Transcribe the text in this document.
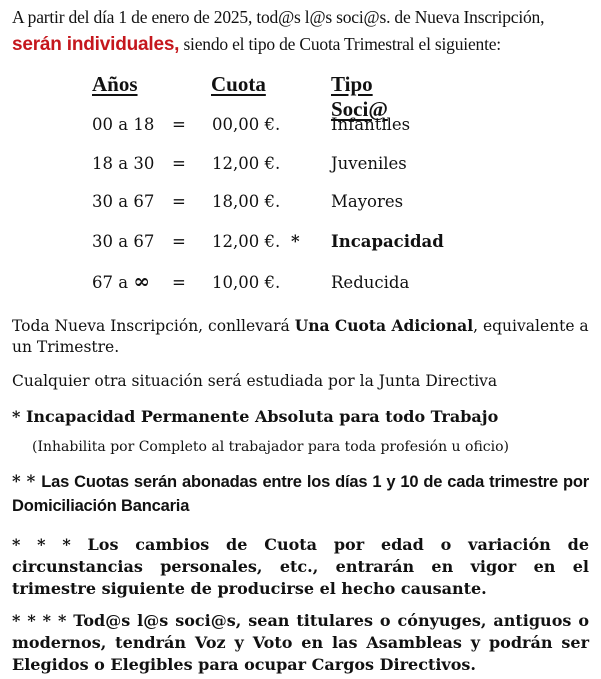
A partir del día 1 de enero de 2025, tod@s l@s soci@s. de Nueva Inscripción,
serán individuales, siendo el tipo de Cuota Trimestral el siguiente:
Años	Cuota	Tipo Soci@
00 a 18 = 00,00 €.	Infantiles
18 a 30 = 12,00 €.	Juveniles
30 a 67 = 18,00 €.	Mayores
30 a 67 = 12,00 €. * Incapacidad
67 a ∞ = 10,00 €.	Reducida
Toda Nueva Inscripción, conllevará Una Cuota Adicional, equivalente a un Trimestre.
Cualquier otra situación será estudiada por la Junta Directiva
* Incapacidad Permanente Absoluta para todo Trabajo
(Inhabilita por Completo al trabajador para toda profesión u oficio)
* * Las Cuotas serán abonadas entre los días 1 y 10 de cada trimestre por Domiciliación Bancaria
* * * Los cambios de Cuota por edad o variación de circunstancias personales, etc., entrarán en vigor en el trimestre siguiente de producirse el hecho causante.
* * * * Tod@s l@s soci@s, sean titulares o cónyuges, antiguos o modernos, tendrán Voz y Voto en las Asambleas y podrán ser Elegidos o Elegibles para ocupar Cargos Directivos.
